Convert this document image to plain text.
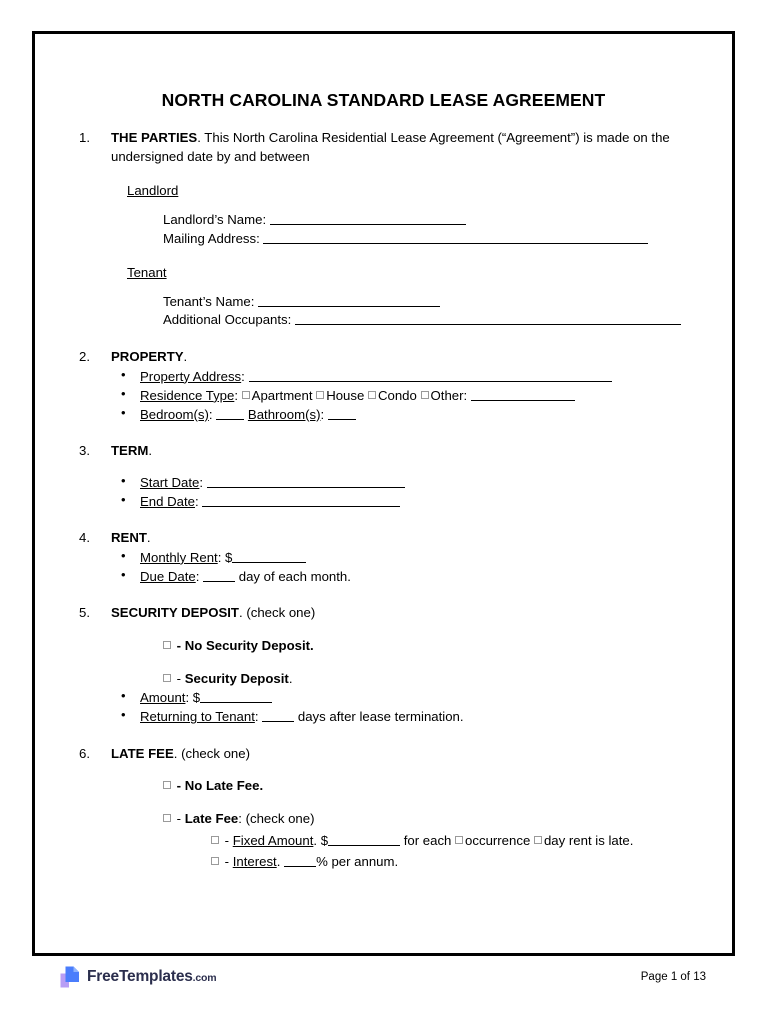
NORTH CAROLINA STANDARD LEASE AGREEMENT
1.	THE PARTIES. This North Carolina Residential Lease Agreement (“Agreement”) is made on the undersigned date by and between
Landlord
Landlord’s Name:
Mailing Address:
Tenant
Tenant’s Name:
Additional Occupants:
2.	PROPERTY.
• Property Address:
• Residence Type: Apartment House Condo Other:
• Bedroom(s):	Bathroom(s):
3.	TERM.
• Start Date:
• End Date:
4.	RENT.
• Monthly Rent: $
• Due Date:	day of each month.
5.	SECURITY DEPOSIT. (check one)
- No Security Deposit.
- Security Deposit.
• Amount: $
• Returning to Tenant:	days after lease termination.
6.	LATE FEE. (check one)
- No Late Fee.
- Late Fee: (check one)
- Fixed Amount. $	for each occurrence day rent is late.
- Interest.	% per annum.
FreeTemplates.com	Page 1 of 13
